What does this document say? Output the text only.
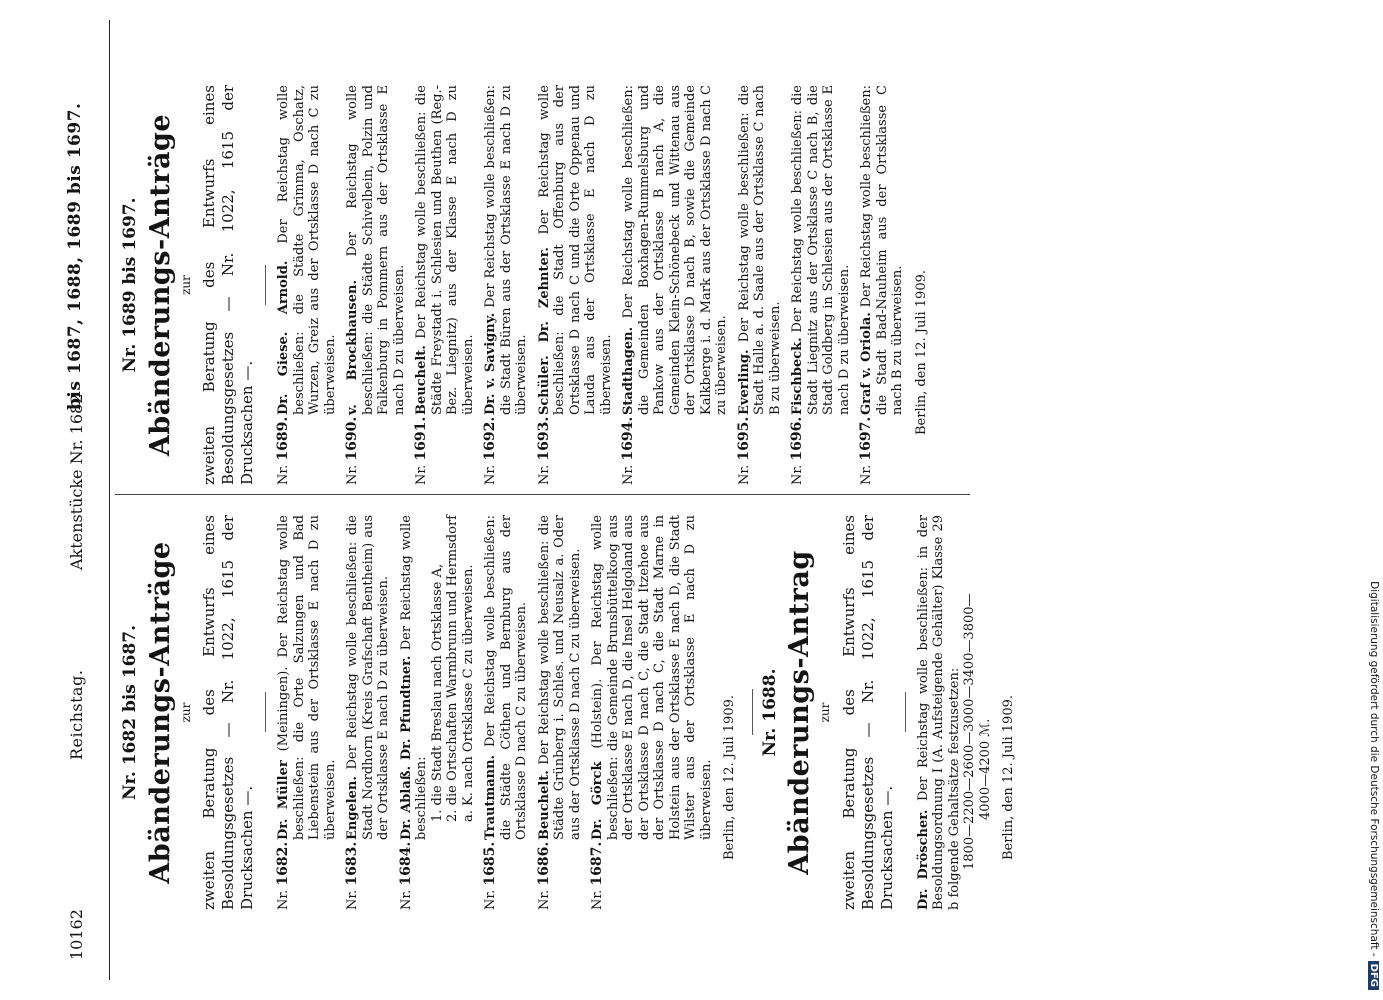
10162
Reichstag.
Aktenstücke Nr. 1682
bis 1687, 1688, 1689 bis 1697.
Nr. 1682 bis 1687. Abänderungs-Anträge zur zweiten Beratung des Entwurfs eines Besoldungsgesetzes — Nr. 1022, 1615 der Drucksachen —. Nr. 1682.
Dr. Müller (Meiningen). Der Reichstag wolle beschließen: die Orte Salzungen und Bad Liebenstein aus der Ortsklasse E nach D zu überweisen.
Nr. 1683.
Engelen. Der Reichstag wolle beschließen: die Stadt Nordhorn (Kreis Grafschaft Bentheim) aus der Ortsklasse E nach D zu überweisen.
Nr. 1684.
Dr. Ablaß. Dr. Pfundtner. Der Reichstag wolle beschließen: 1. die Stadt Breslau nach Ortsklasse A, 2. die Ortschaften Warmbrunn und Hermsdorf a. K. nach Ortsklasse C zu überweisen.
Nr. 1685.
Trautmann. Der Reichstag wolle beschließen: die Städte Cöthen und Bernburg aus der Ortsklasse D nach C zu überweisen.
Nr. 1686.
Beuchelt. Der Reichstag wolle beschließen: die Städte Grünberg i. Schles. und Neusalz a. Oder aus der Ortsklasse D nach C zu überweisen.
Nr. 1687.
Dr. Görck (Holstein). Der Reichstag wolle beschließen: die Gemeinde Brunsbüttelkoog aus der Ortsklasse E nach D, die Insel Helgoland aus der Ortsklasse D nach C, die Stadt Itzehoe aus der Ortsklasse D nach C, die Stadt Marne in Holstein aus der Ortsklasse E nach D, die Stadt Wilster aus der Ortsklasse E nach D zu überweisen. Berlin, den 12. Juli 1909. Nr. 1688. Abänderungs-Antrag zur zweiten Beratung des Entwurfs eines Besoldungsgesetzes — Nr. 1022, 1615 der Drucksachen —. Dr. Dröscher. Der Reichstag wolle beschließen: in der Besoldungsordnung I (A. Aufsteigende Gehälter) Klasse 29 b folgende Gehaltsätze festzusetzen: 1800—2200—2600—3000—3400—3800— 4000—4200 ℳ. Berlin, den 12. Juli 1909.
Nr. 1689 bis 1697. Abänderungs-Anträge zur zweiten Beratung des Entwurfs eines Besoldungsgesetzes — Nr. 1022, 1615 der Drucksachen —. Nr. 1689.
Dr. Giese. Arnold. Der Reichstag wolle beschließen: die Städte Grimma, Oschatz, Wurzen, Greiz aus der Ortsklasse D nach C zu überweisen.
Nr. 1690.
v. Brockhausen. Der Reichstag wolle beschließen: die Städte Schivelbein, Polzin und Falkenburg in Pommern aus der Ortsklasse E nach D zu überweisen.
Nr. 1691.
Beuchelt. Der Reichstag wolle beschließen: die Städte Freystadt i. Schlesien und Beuthen (Reg.-Bez. Liegnitz) aus der Klasse E nach D zu überweisen.
Nr. 1692.
Dr. v. Savigny. Der Reichstag wolle beschließen: die Stadt Büren aus der Ortsklasse E nach D zu überweisen.
Nr. 1693.
Schüler. Dr. Zehnter. Der Reichstag wolle beschließen: die Stadt Offenburg aus der Ortsklasse D nach C und die Orte Oppenau und Lauda aus der Ortsklasse E nach D zu überweisen.
Nr. 1694.
Stadthagen. Der Reichstag wolle beschließen: die Gemeinden Boxhagen-Rummelsburg und Pankow aus der Ortsklasse B nach A, die Gemeinden Klein-Schönebeck und Wittenau aus der Ortsklasse D nach B, sowie die Gemeinde Kalkberge i. d. Mark aus der Ortsklasse D nach C zu überweisen.
Nr. 1695.
Everling. Der Reichstag wolle beschließen: die Stadt Halle a. d. Saale aus der Ortsklasse C nach B zu überweisen.
Nr. 1696.
Fischbeck. Der Reichstag wolle beschließen: die Stadt Liegnitz aus der Ortsklasse C nach B, die Stadt Goldberg in Schlesien aus der Ortsklasse E nach D zu überweisen.
Nr. 1697.
Graf v. Oriola. Der Reichstag wolle beschließen: die Stadt Bad-Nauheim aus der Ortsklasse C nach B zu überweisen. Berlin, den 12. Juli 1909.
Digitalisierung gefördert durch die Deutsche Forschungsgemeinschaft -DFG
